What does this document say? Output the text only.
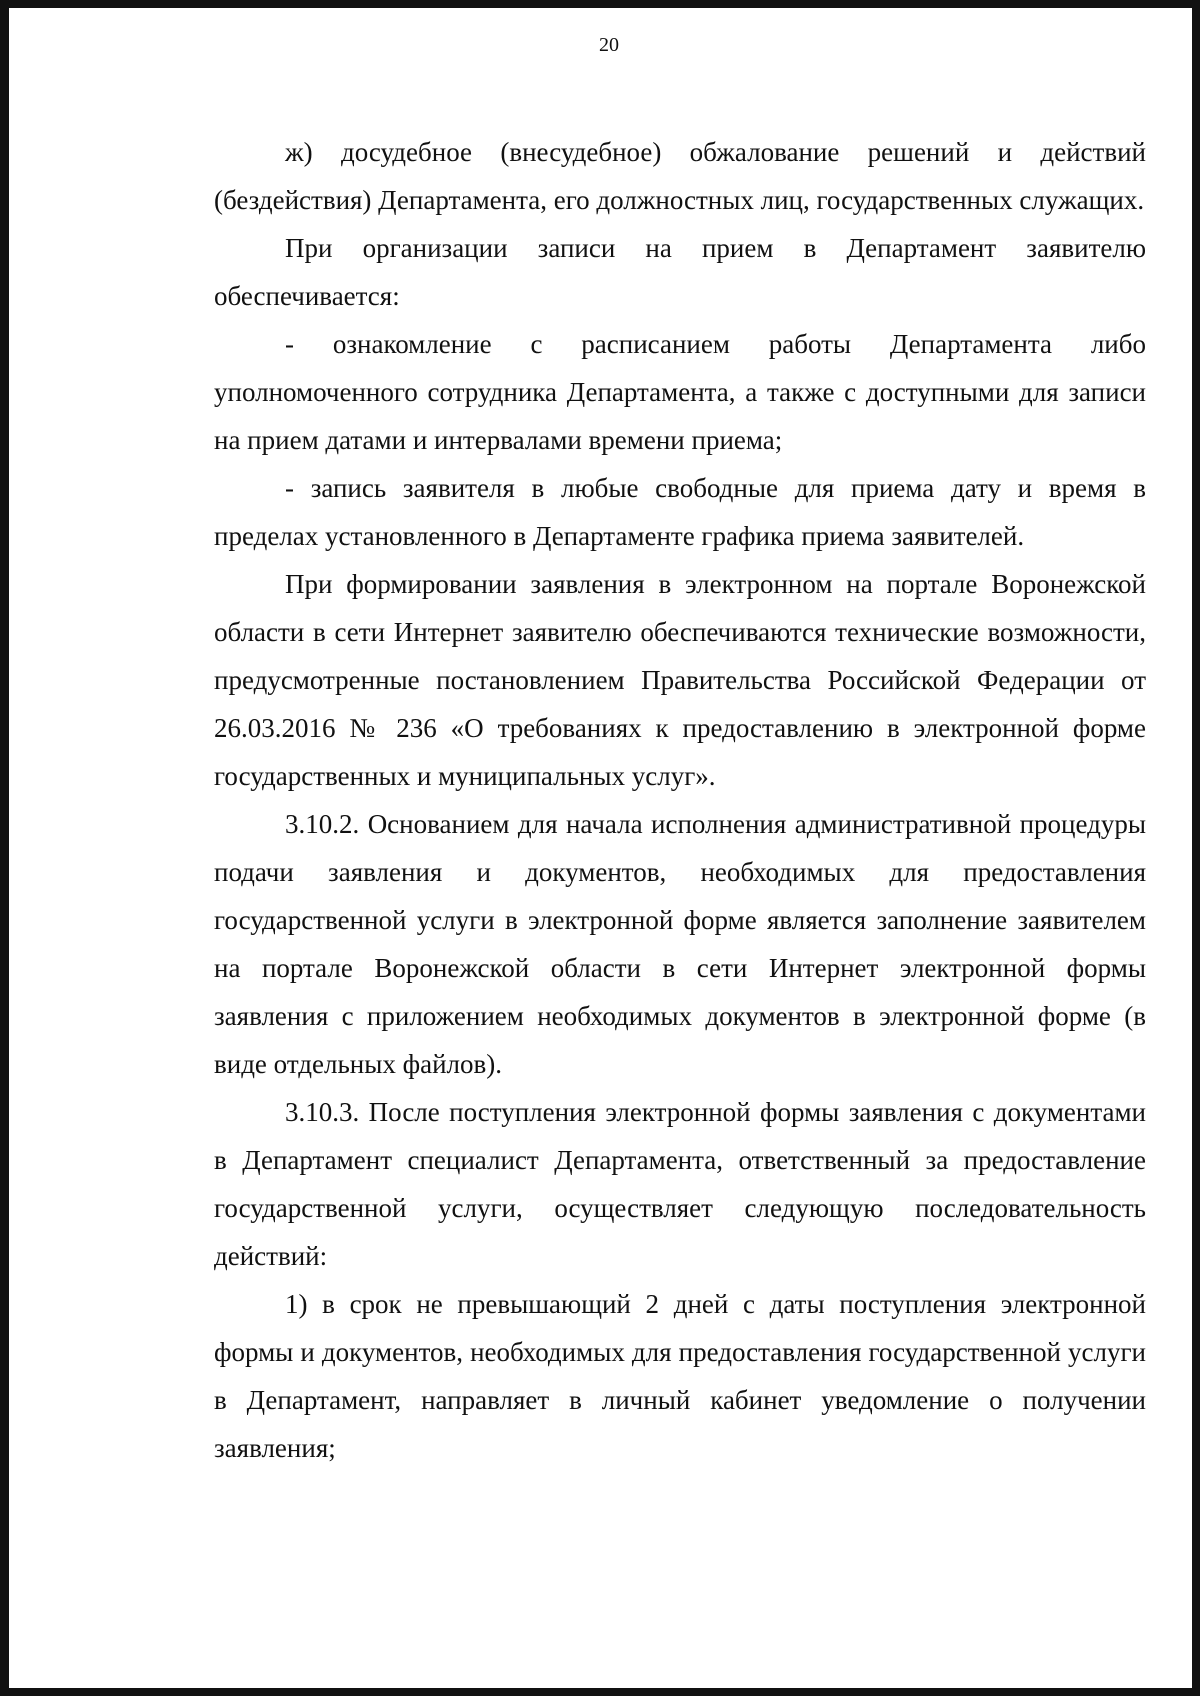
20

ж) досудебное (внесудебное) обжалование решений и действий (бездействия) Департамента, его должностных лиц, государственных служащих.

При организации записи на прием в Департамент заявителю обеспечивается:

- ознакомление с расписанием работы Департамента либо уполномоченного сотрудника Департамента, а также с доступными для записи на прием датами и интервалами времени приема;

- запись заявителя в любые свободные для приема дату и время в пределах установленного в Департаменте графика приема заявителей.

При формировании заявления в электронном на портале Воронежской области в сети Интернет заявителю обеспечиваются технические возможности, предусмотренные постановлением Правительства Российской Федерации от 26.03.2016 № 236 «О требованиях к предоставлению в электронной форме государственных и муниципальных услуг».

3.10.2. Основанием для начала исполнения административной процедуры подачи заявления и документов, необходимых для предоставления государственной услуги в электронной форме является заполнение заявителем на портале Воронежской области в сети Интернет электронной формы заявления с приложением необходимых документов в электронной форме (в виде отдельных файлов).

3.10.3. После поступления электронной формы заявления с документами в Департамент специалист Департамента, ответственный за предоставление государственной услуги, осуществляет следующую последовательность действий:

1) в срок не превышающий 2 дней с даты поступления электронной формы и документов, необходимых для предоставления государственной услуги в Департамент, направляет в личный кабинет уведомление о получении заявления;
